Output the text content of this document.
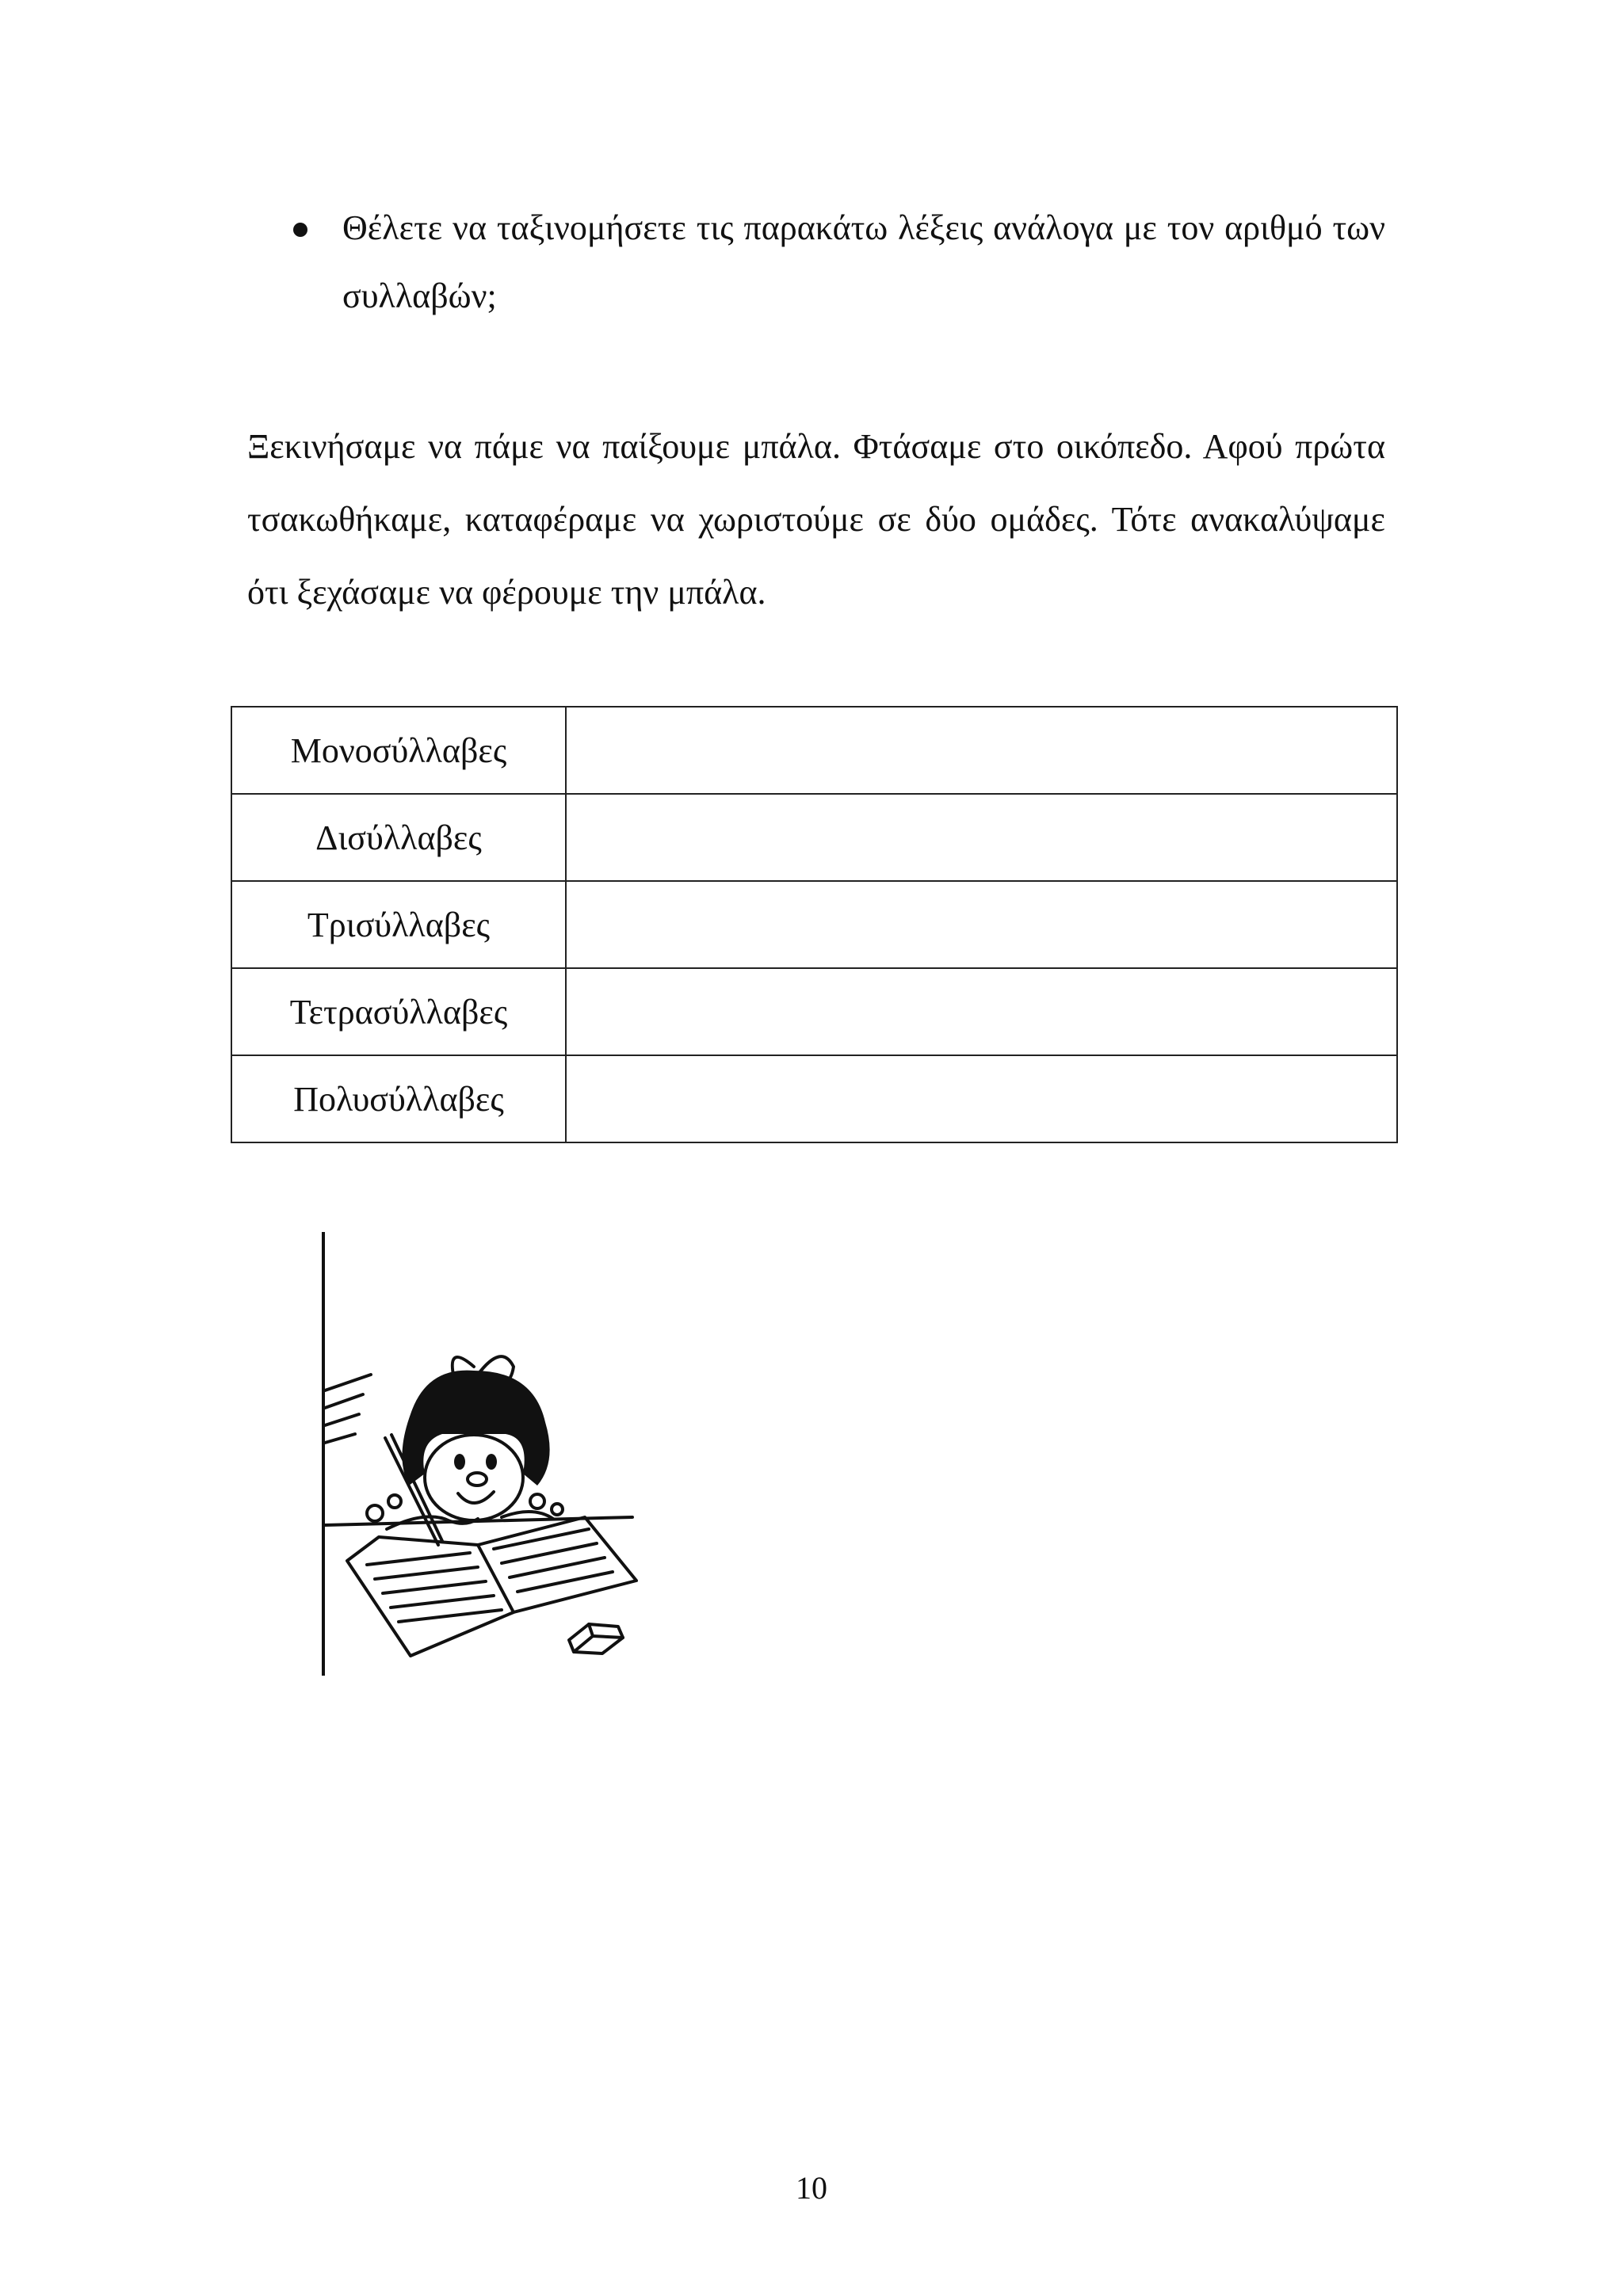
Θέλετε να ταξινομήσετε τις παρακάτω λέξεις ανάλογα με τον αριθμό των συλλαβών;

Ξεκινήσαμε να πάμε να παίξουμε μπάλα. Φτάσαμε στο οικόπεδο. Αφού πρώτα τσακωθήκαμε, καταφέραμε να χωριστούμε σε δύο ομάδες. Τότε ανακαλύψαμε ότι ξεχάσαμε να φέρουμε την μπάλα.

Μονοσύλλαβες	
Δισύλλαβες	
Τρισύλλαβες	
Τετρασύλλαβες	
Πολυσύλλαβες	
10
